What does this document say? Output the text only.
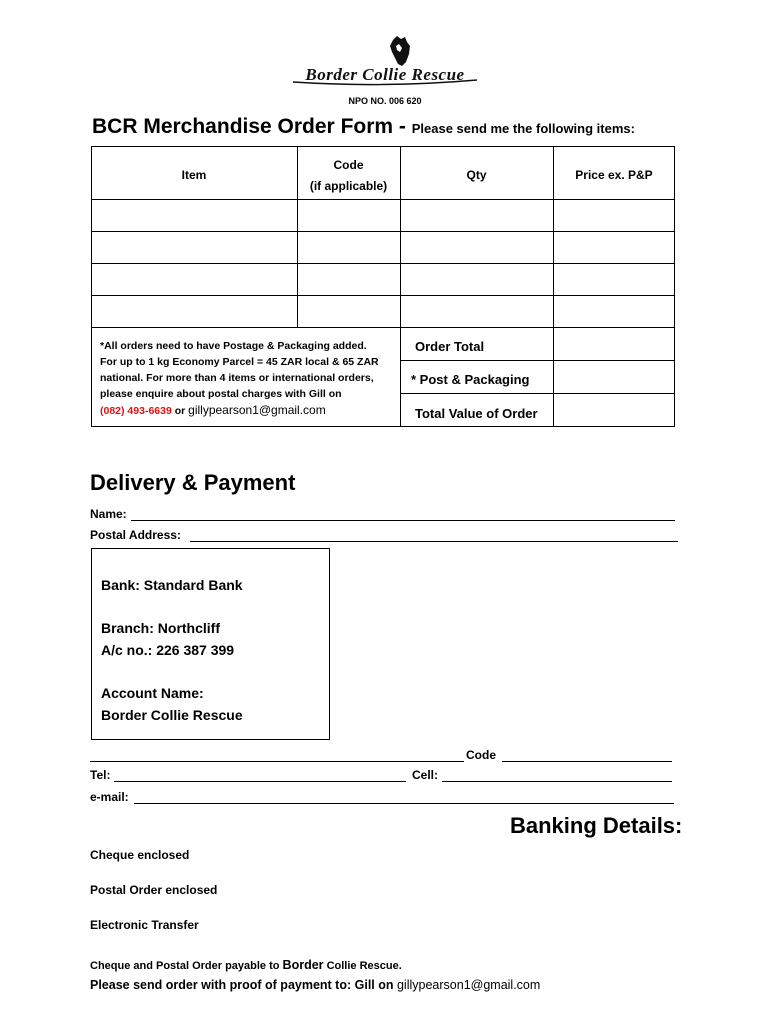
Border Collie Rescue
NPO NO. 006 620
BCR Merchandise Order Form - Please send me the following items:
Item
Code
(if applicable)
Qty	Price ex. P&P
Order Total
* Post & Packaging
Total Value of Order
*All orders need to have Postage & Packaging added.
For up to 1 kg Economy Parcel = 45 ZAR local & 65 ZAR
national. For more than 4 items or international orders,
please enquire about postal charges with Gill on
(082) 493-6639 or gillypearson1@gmail.com
Delivery & Payment
Name:
Postal Address:
Bank: Standard Bank
Branch: Northcliff
A/c no.: 226 387 399
Account Name:
Border Collie Rescue
Code
Tel:	Cell:
e-mail:
Banking Details:
Cheque enclosed
Postal Order enclosed
Electronic Transfer
Cheque and Postal Order payable to Border Collie Rescue.
Please send order with proof of payment to: Gill on gillypearson1@gmail.com
